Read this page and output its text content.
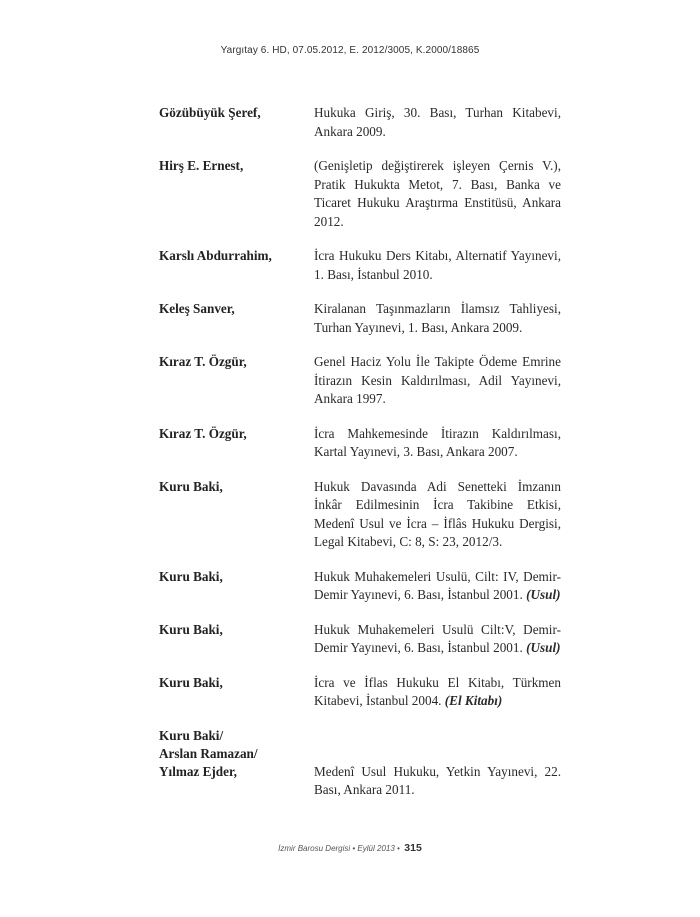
Yargıtay 6. HD, 07.05.2012, E. 2012/3005, K.2000/18865
Gözübüyük Şeref,	Hukuka Giriş, 30. Bası, Turhan Kitabevi, Ankara 2009.
Hirş E. Ernest,	(Genişletip değiştirerek işleyen Çernis V.), Pratik Hukukta Metot, 7. Bası, Banka ve Ticaret Hukuku Araştırma Enstitüsü, Ankara 2012.
Karslı Abdurrahim,	İcra Hukuku Ders Kitabı, Alternatif Yayınevi, 1. Bası, İstanbul 2010.
Keleş Sanver,	Kiralanan Taşınmazların İlamsız Tahliyesi, Turhan Yayınevi, 1. Bası, Ankara 2009.
Kıraz T. Özgür,	Genel Haciz Yolu İle Takipte Ödeme Emrine İtirazın Kesin Kaldırılması, Adil Yayınevi, Ankara 1997.
Kıraz T. Özgür,	İcra Mahkemesinde İtirazın Kaldırılması, Kartal Yayınevi, 3. Bası, Ankara 2007.
Kuru Baki,	Hukuk Davasında Adi Senetteki İmzanın İnkâr Edilmesinin İcra Takibine Etkisi, Medenî Usul ve İcra – İflâs Hukuku Dergisi, Legal Kitabevi, C: 8, S: 23, 2012/3.
Kuru Baki,	Hukuk Muhakemeleri Usulü, Cilt: IV, Demir-Demir Yayınevi, 6. Bası, İstanbul 2001. (Usul)
Kuru Baki,	Hukuk Muhakemeleri Usulü Cilt:V, Demir-Demir Yayınevi, 6. Bası, İstanbul 2001. (Usul)
Kuru Baki,	İcra ve İflas Hukuku El Kitabı, Türkmen Kitabevi, İstanbul 2004. (El Kitabı)
Kuru Baki/
Arslan Ramazan/
Yılmaz Ejder,	Medenî Usul Hukuku, Yetkin Yayınevi, 22. Bası, Ankara 2011.
İzmir Barosu Dergisi • Eylül 2013 • 315
